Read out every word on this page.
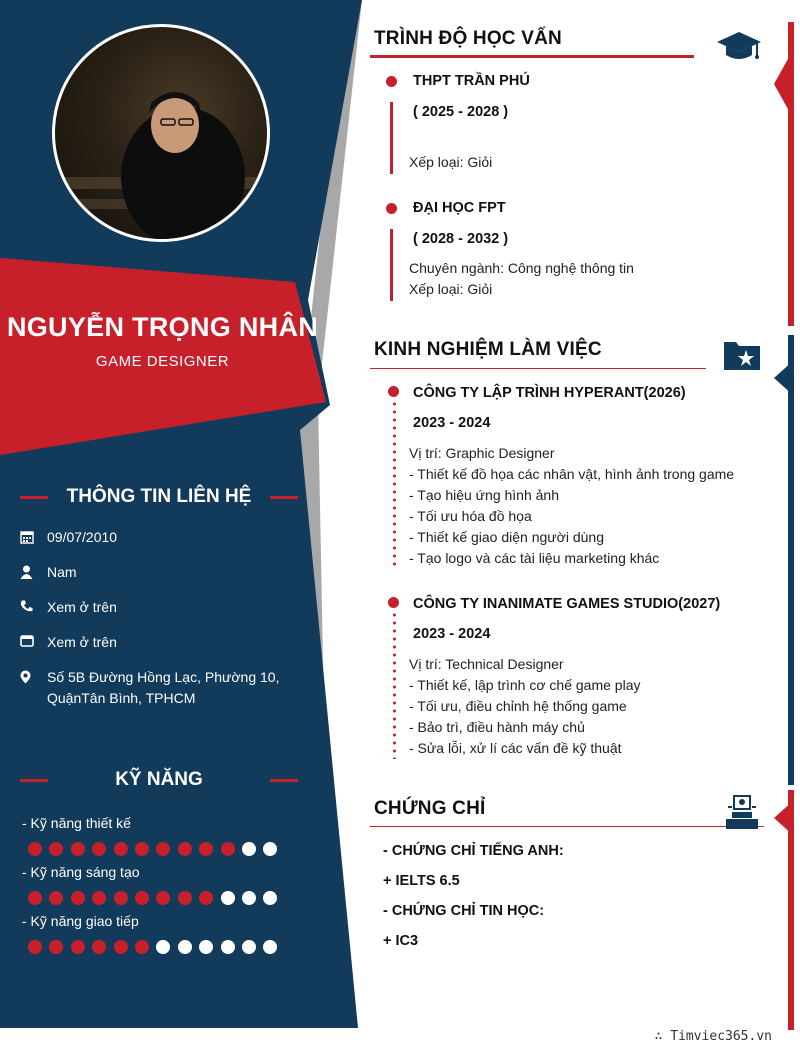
NGUYỄN TRỌNG NHÂN
GAME DESIGNER
THÔNG TIN LIÊN HỆ
09/07/2010
Nam
Xem ở trên
Xem ở trên
Số 5B Đường Hồng Lạc, Phường 10, QuậnTân Bình, TPHCM
KỸ NĂNG
- Kỹ năng thiết kế
- Kỹ năng sáng tạo
- Kỹ năng giao tiếp
TRÌNH ĐỘ HỌC VẤN
THPT TRẦN PHÚ
( 2025 - 2028 )
Xếp loại: Giỏi
ĐẠI HỌC FPT
( 2028 - 2032 )
Chuyên ngành: Công nghệ thông tin
Xếp loại: Giỏi
KINH NGHIỆM LÀM VIỆC
CÔNG TY LẬP TRÌNH HYPERANT(2026)
2023 - 2024
Vị trí: Graphic Designer
- Thiết kế đồ họa các nhân vật, hình ảnh trong game
- Tạo hiệu ứng hình ảnh
- Tối ưu hóa đồ họa
- Thiết kế giao diện người dùng
- Tạo logo và các tài liệu marketing khác
CÔNG TY INANIMATE GAMES STUDIO(2027)
2023 - 2024
Vị trí: Technical Designer
- Thiết kế, lập trình cơ chế game play
- Tối ưu, điều chỉnh hệ thống game
- Bảo trì, điều hành máy chủ
- Sửa lỗi, xử lí các vấn đề kỹ thuật
CHỨNG CHỈ
- CHỨNG CHỈ TIẾNG ANH:
+ IELTS 6.5
- CHỨNG CHỈ TIN HỌC:
+ IC3
∴ Timviec365.vn
